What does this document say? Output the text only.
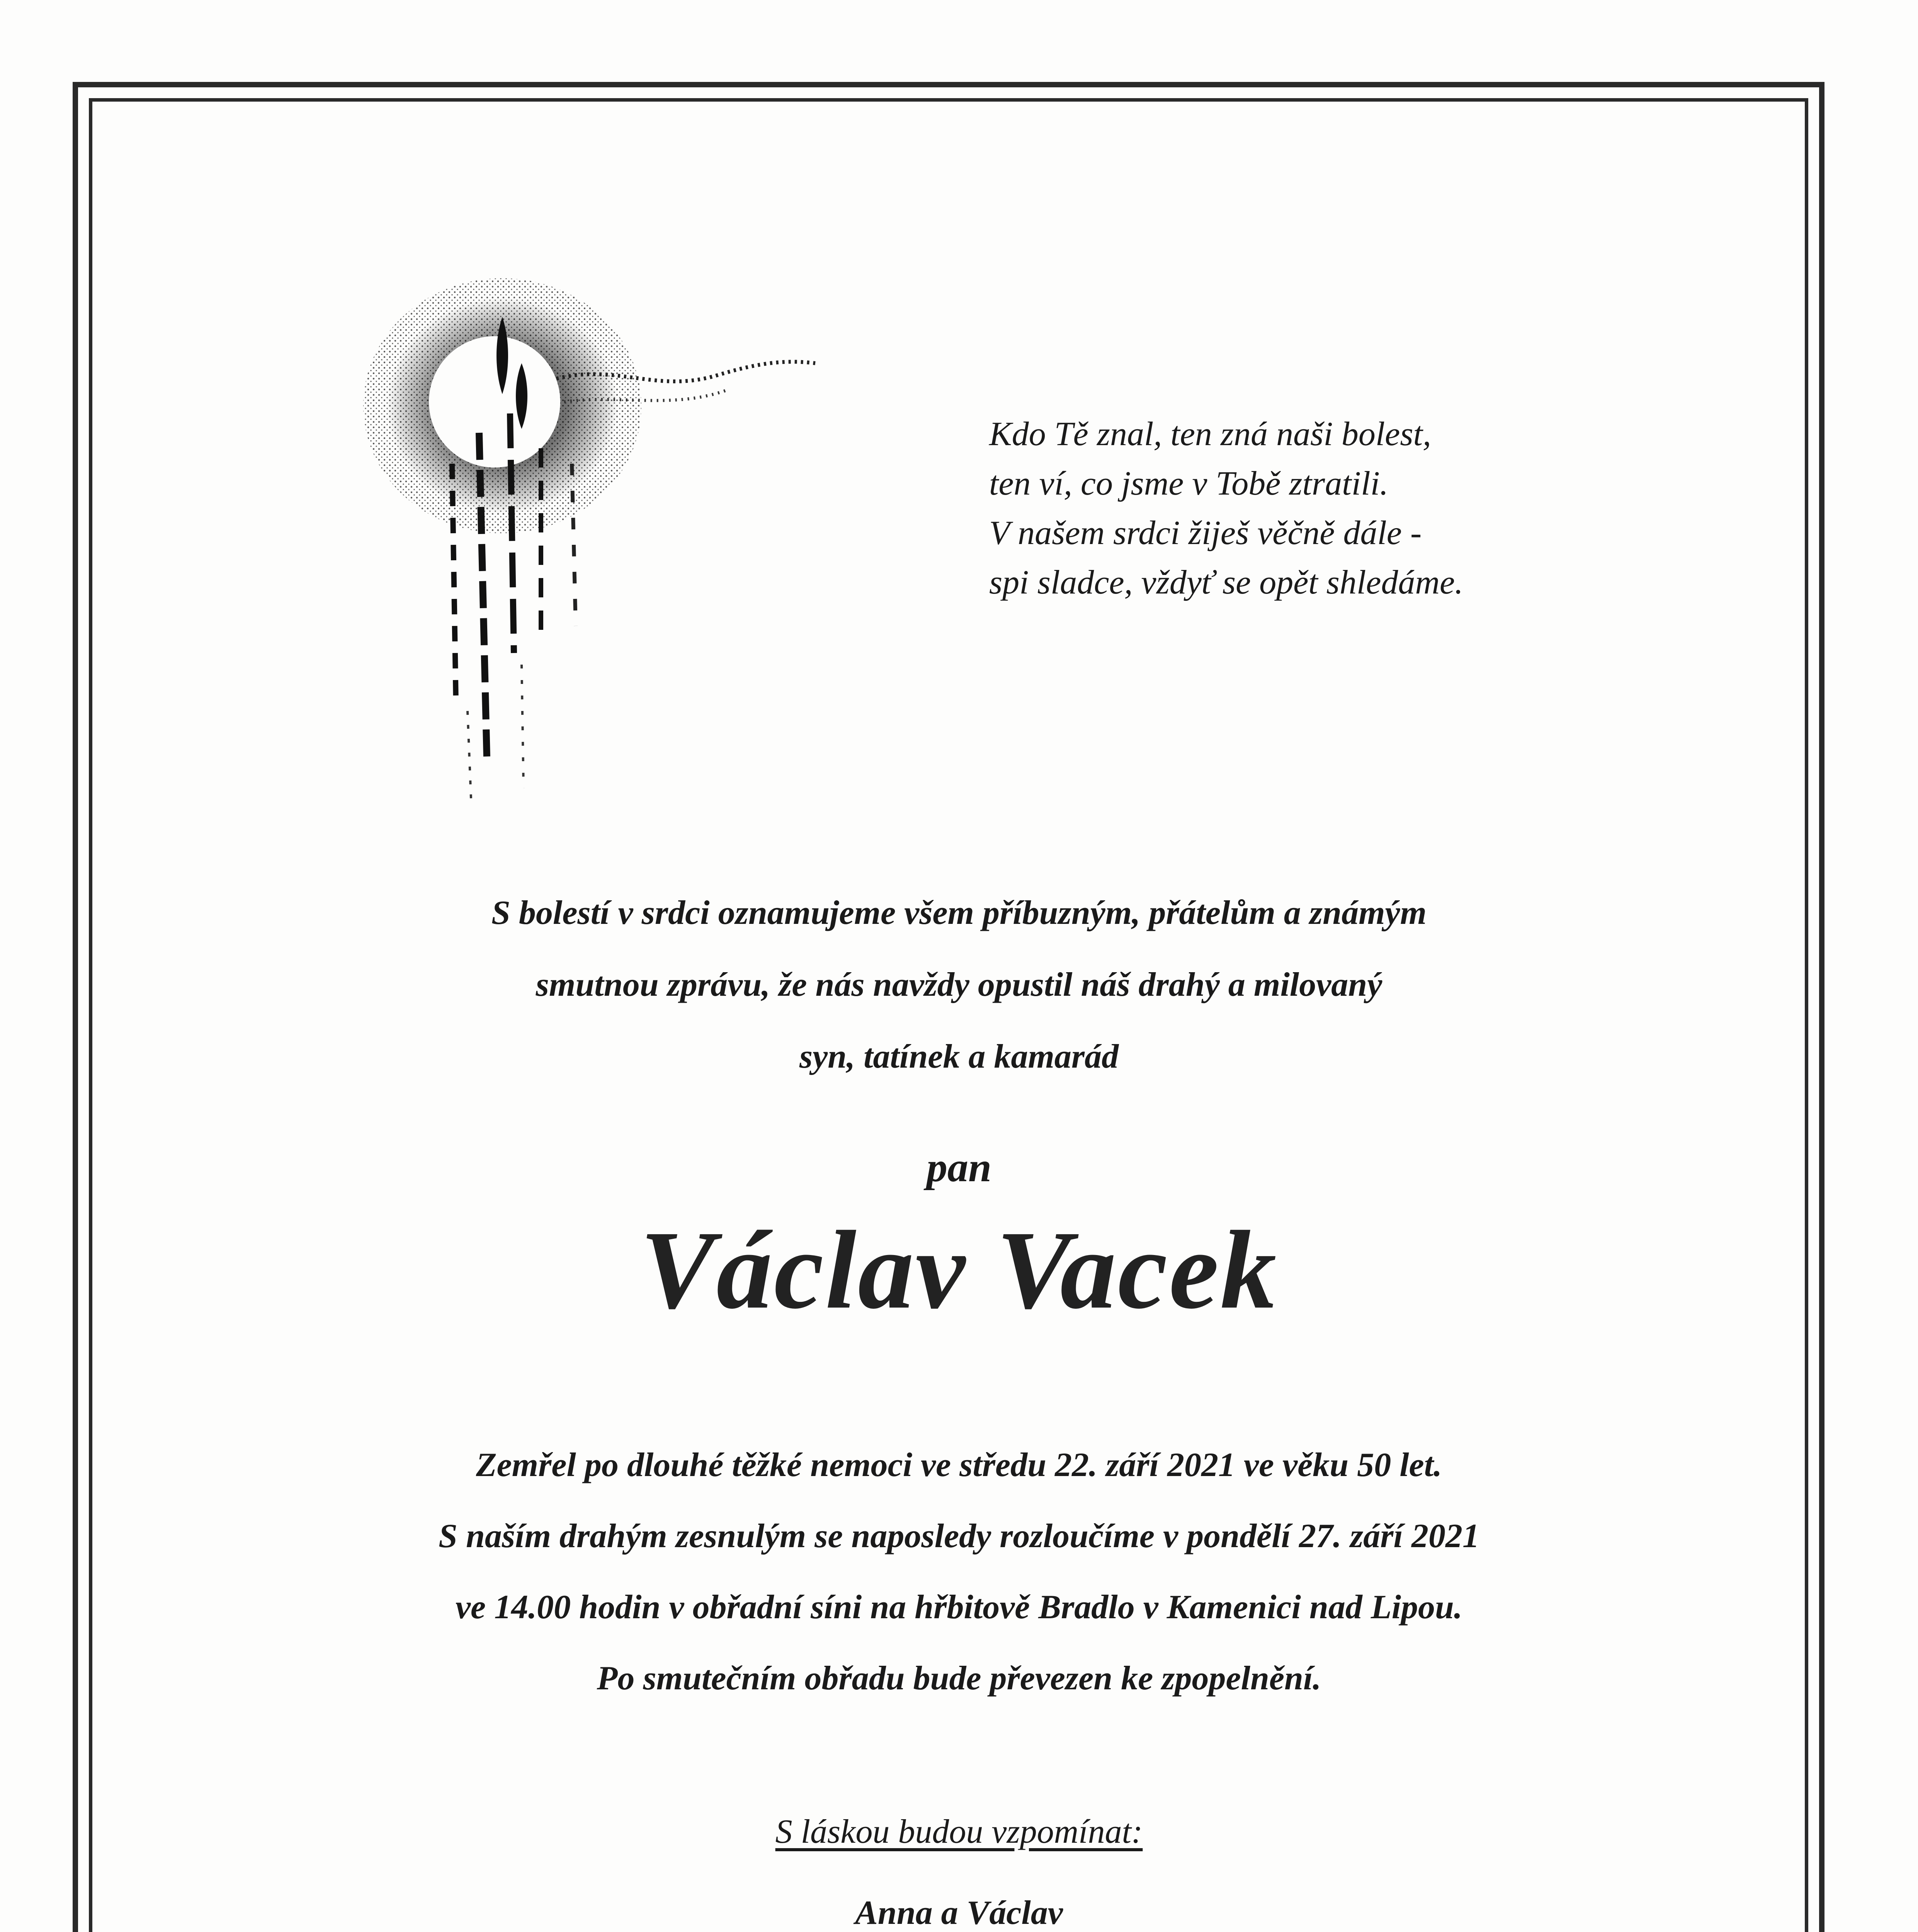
Kdo Tě znal, ten zná naši bolest,
ten ví, co jsme v Tobě ztratili.
V našem srdci žiješ věčně dále -
spi sladce, vždyť se opět shledáme.
S bolestí v srdci oznamujeme všem příbuzným, přátelům a známým
smutnou zprávu, že nás navždy opustil náš drahý a milovaný
syn, tatínek a kamarád
pan
Václav Vacek
Zemřel po dlouhé těžké nemoci ve středu 22. září 2021 ve věku 50 let.
S naším drahým zesnulým se naposledy rozloučíme v pondělí 27. září 2021
ve 14.00 hodin v obřadní síni na hřbitově Bradlo v Kamenici nad Lipou.
Po smutečním obřadu bude převezen ke zpopelnění.
S láskou budou vzpomínat:
Anna a Václav
